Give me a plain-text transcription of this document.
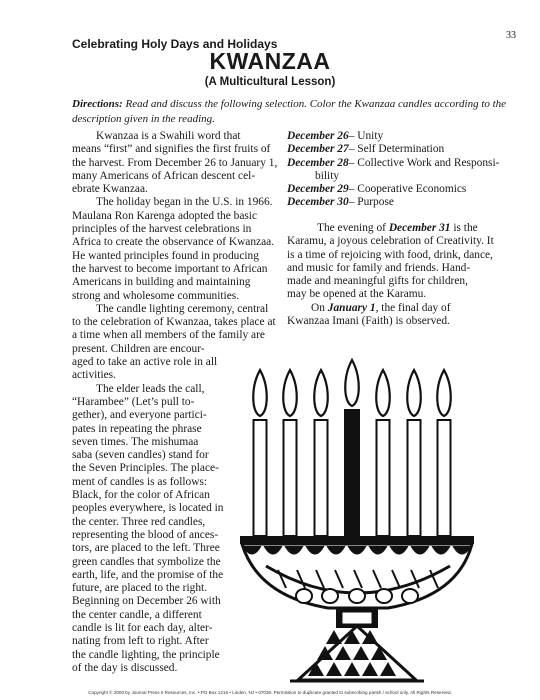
33
Celebrating Holy Days and Holidays
KWANZAA
(A Multicultural Lesson)
Directions: Read and discuss the following selection. Color the Kwanzaa candles according to the description given in the reading.
Kwanzaa is a Swahili word that
means “first” and signifies the first fruits of
the harvest. From December 26 to January 1,
many Americans of African descent cel-
ebrate Kwanzaa.
The holiday began in the U.S. in 1966.
Maulana Ron Karenga adopted the basic
principles of the harvest celebrations in
Africa to create the observance of Kwanzaa.
He wanted principles found in producing
the harvest to become important to African
Americans in building and maintaining
strong and wholesome communities.
The candle lighting ceremony, central
to the celebration of Kwanzaa, takes place at
a time when all members of the family are
present. Children are encour-
aged to take an active role in all
activities.
The elder leads the call,
“Harambee” (Let’s pull to-
gether), and everyone partici-
pates in repeating the phrase
seven times. The mishumaa
saba (seven candles) stand for
the Seven Principles. The place-
ment of candles is as follows:
Black, for the color of African
peoples everywhere, is located in
the center. Three red candles,
representing the blood of ances-
tors, are placed to the left. Three
green candles that symbolize the
earth, life, and the promise of the
future, are placed to the right.
Beginning on December 26 with
the center candle, a different
candle is lit for each day, alter-
nating from left to right. After
the candle lighting, the principle
of the day is discussed.
December 26– Unity
December 27– Self Determination
December 28– Collective Work and Responsi-
bility
December 29– Cooperative Economics
December 30– Purpose
The evening of December 31 is the
Karamu, a joyous celebration of Creativity. It
is a time of rejoicing with food, drink, dance,
and music for family and friends. Hand-
made and meaningful gifts for children,
may be opened at the Karamu.
On January 1, the final day of
Kwanzaa Imani (Faith) is observed.
Copyright © 2000 by Journal Press II Resources, Inc. • PO Box 1216 • Linden, NJ • 07036. Permission to duplicate granted to subscribing parish / school only. All Rights Reserved.
